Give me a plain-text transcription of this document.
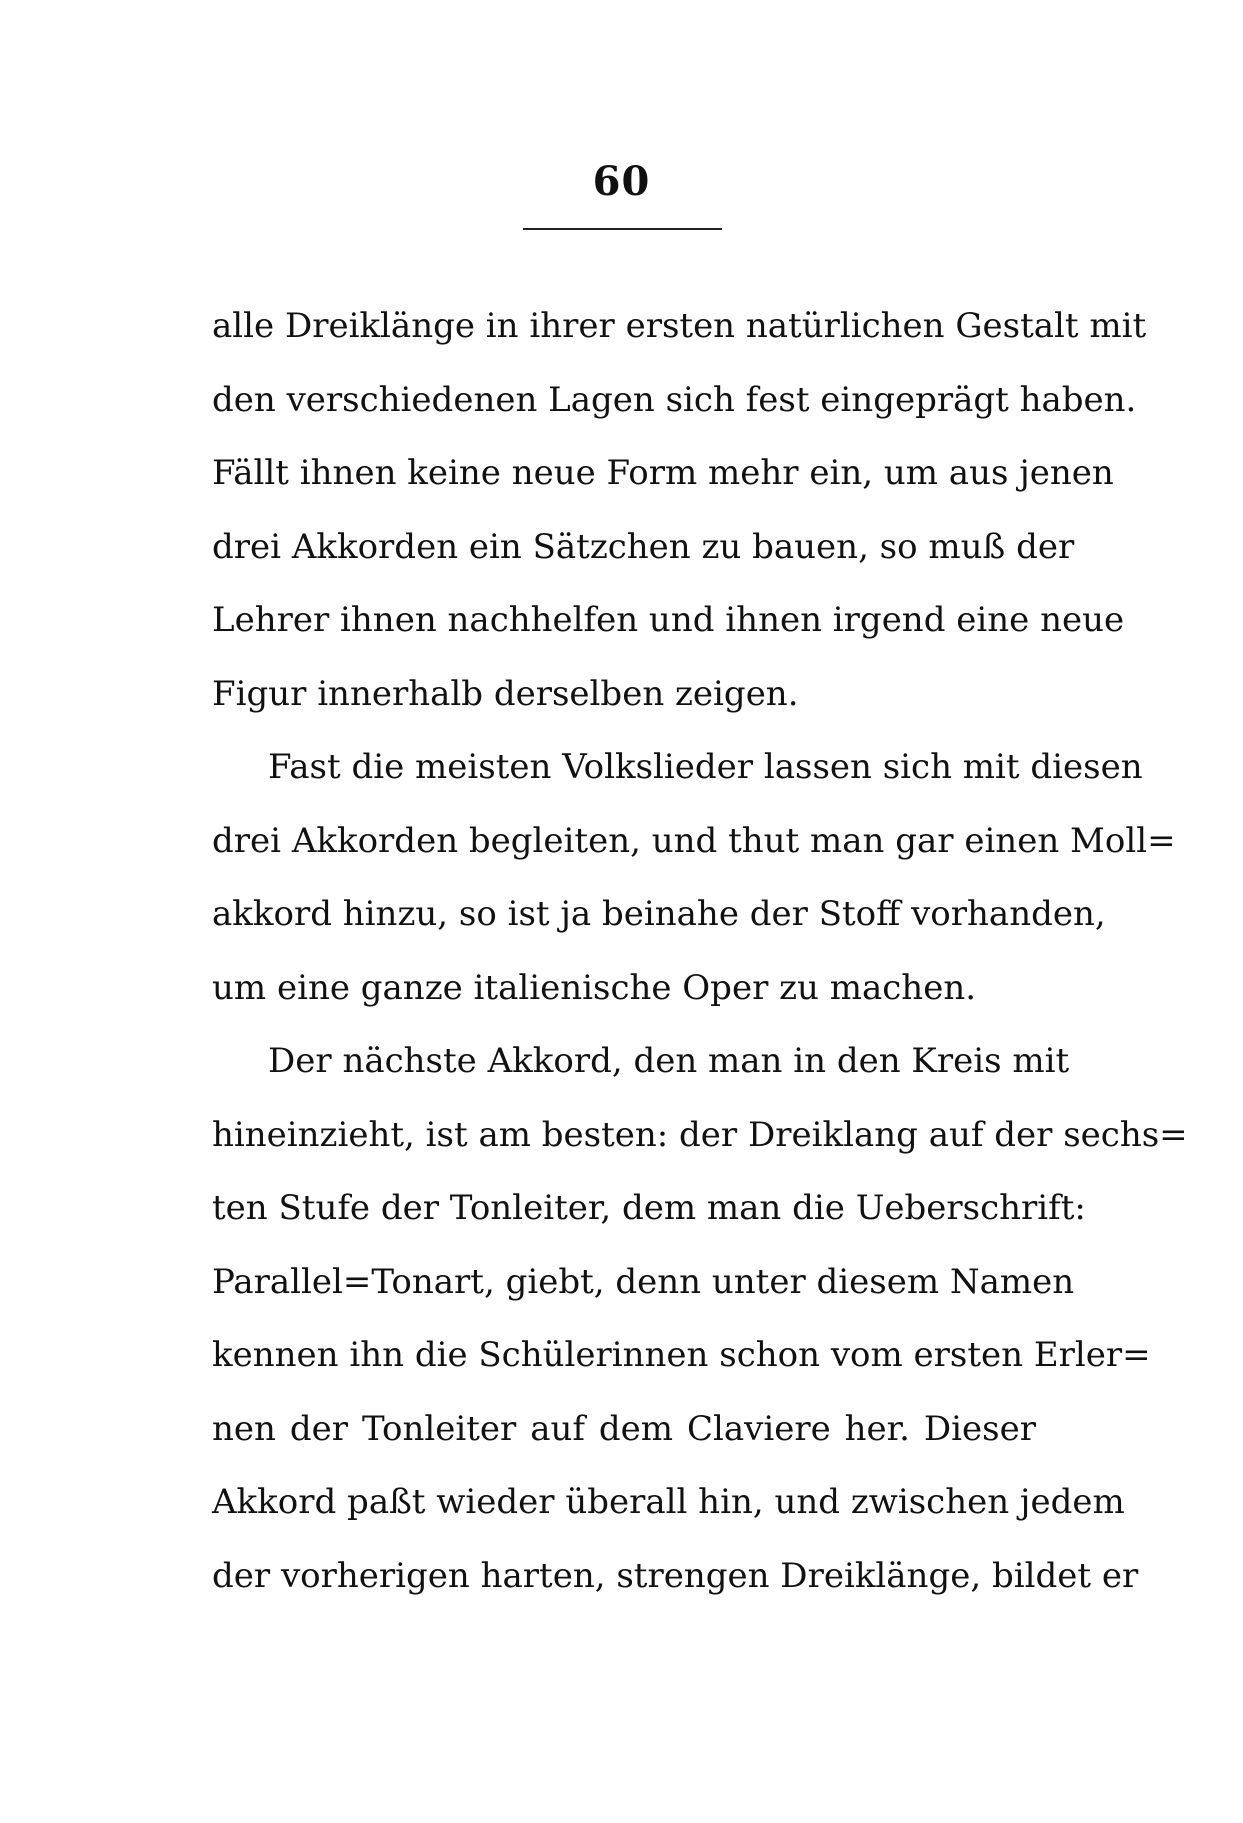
60
alle Dreiklänge in ihrer ersten natürlichen Gestalt mit
den verschiedenen Lagen sich fest eingeprägt haben.
Fällt ihnen keine neue Form mehr ein, um aus jenen
drei Akkorden ein Sätzchen zu bauen, so muß der
Lehrer ihnen nachhelfen und ihnen irgend eine neue
Figur innerhalb derselben zeigen.
Fast die meisten Volkslieder lassen sich mit diesen
drei Akkorden begleiten, und thut man gar einen Moll=
akkord hinzu, so ist ja beinahe der Stoff vorhanden,
um eine ganze italienische Oper zu machen.
Der nächste Akkord, den man in den Kreis mit
hineinzieht, ist am besten: der Dreiklang auf der sechs=
ten Stufe der Tonleiter, dem man die Ueberschrift:
Parallel=Tonart, giebt, denn unter diesem Namen
kennen ihn die Schülerinnen schon vom ersten Erler=
nen der Tonleiter auf dem Claviere her. Dieser
Akkord paßt wieder überall hin, und zwischen jedem
der vorherigen harten, strengen Dreiklänge, bildet er
